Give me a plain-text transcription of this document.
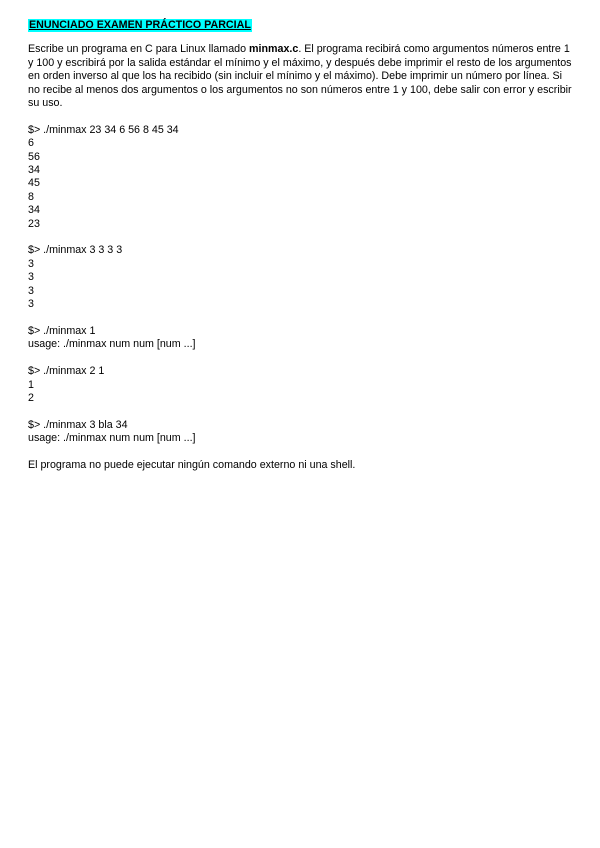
ENUNCIADO EXAMEN PRÁCTICO PARCIAL

Escribe un programa en C para Linux llamado minmax.c. El programa recibirá como argumentos números entre 1 y 100 y escribirá por la salida estándar el mínimo y el máximo, y después debe imprimir el resto de los argumentos en orden inverso al que los ha recibido (sin incluir el mínimo y el máximo). Debe imprimir un número por línea. Si no recibe al menos dos argumentos o los argumentos no son números entre 1 y 100, debe salir con error y escribir su uso.

$> ./minmax 23 34 6 56 8 45 34

6

56

34

45

8

34

23

$> ./minmax 3 3 3 3

3

3

3

3

$> ./minmax 1

usage: ./minmax num num [num ...]

$> ./minmax 2 1

1

2

$> ./minmax 3 bla 34

usage: ./minmax num num [num ...]

El programa no puede ejecutar ningún comando externo ni una shell.
